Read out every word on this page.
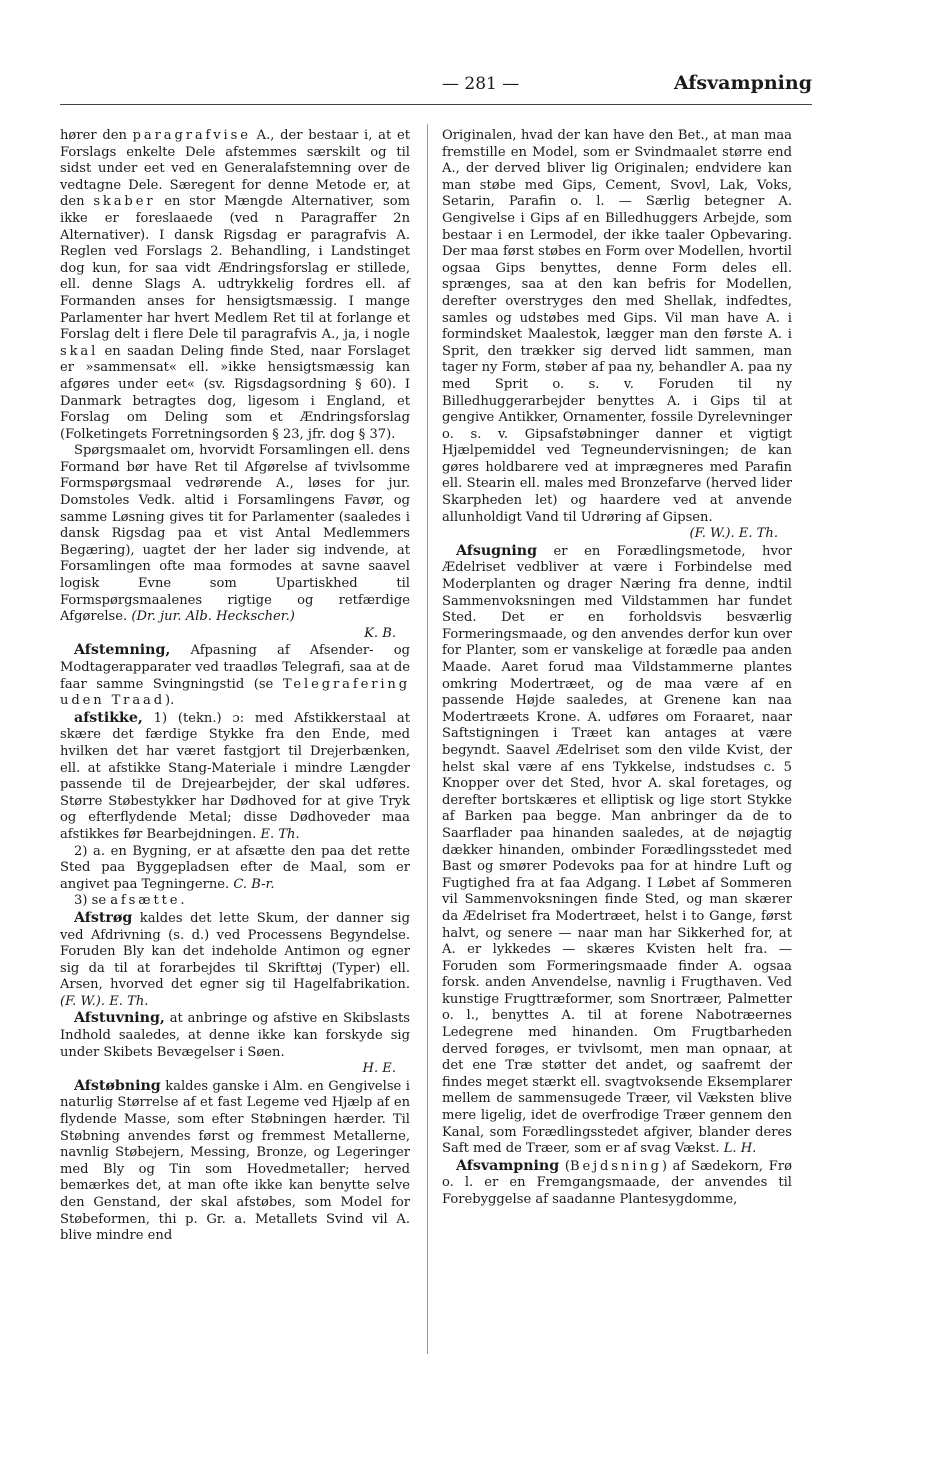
— 281 —	Afsvampning

hører den paragrafvise A., der bestaar i, at et Forslags enkelte Dele afstemmes særskilt og til sidst under eet ved en Generalafstemning over de vedtagne Dele. Særegent for denne Metode er, at den skaber en stor Mængde Alternativer, som ikke er foreslaaede (ved n Paragraffer 2n Alternativer). I dansk Rigsdag er paragrafvis A. Reglen ved Forslags 2. Behandling, i Landstinget dog kun, for saa vidt Ændringsforslag er stillede, ell. denne Slags A. udtrykkelig fordres ell. af Formanden anses for hensigtsmæssig. I mange Parlamenter har hvert Medlem Ret til at forlange et Forslag delt i flere Dele til paragrafvis A., ja, i nogle skal en saadan Deling finde Sted, naar Forslaget er »sammensat« ell. »ikke hensigtsmæssig kan afgøres under eet« (sv. Rigsdagsordning § 60). I Danmark betragtes dog, ligesom i England, et Forslag om Deling som et Ændringsforslag (Folketingets Forretningsorden § 23, jfr. dog § 37).

Spørgsmaalet om, hvorvidt Forsamlingen ell. dens Formand bør have Ret til Afgørelse af tvivlsomme Formspørgsmaal vedrørende A., løses for jur. Domstoles Vedk. altid i Forsamlingens Favør, og samme Løsning gives tit for Parlamenter (saaledes i dansk Rigsdag paa et vist Antal Medlemmers Begæring), uagtet der her lader sig indvende, at Forsamlingen ofte maa formodes at savne saavel logisk Evne som Upartiskhed til Formspørgsmaalenes rigtige og retfærdige Afgørelse. (Dr. jur. Alb. Heckscher.)
K. B.

Afstemning, Afpasning af Afsender- og Modtagerapparater ved traadløs Telegrafi, saa at de faar samme Svingningstid (se Telegrafering uden Traad).

afstikke, 1) (tekn.) ɔ: med Afstikkerstaal at skære det færdige Stykke fra den Ende, med hvilken det har været fastgjort til Drejerbænken, ell. at afstikke Stang-Materiale i mindre Længder passende til de Drejearbejder, der skal udføres. Større Støbestykker har Dødhoved for at give Tryk og efterflydende Metal; disse Dødhoveder maa afstikkes før Bearbejdningen. E. Th.

2) a. en Bygning, er at afsætte den paa det rette Sted paa Byggepladsen efter de Maal, som er angivet paa Tegningerne. C. B-r.

3) se afsætte.

Afstrøg kaldes det lette Skum, der danner sig ved Afdrivning (s. d.) ved Processens Begyndelse. Foruden Bly kan det indeholde Antimon og egner sig da til at forarbejdes til Skrifttøj (Typer) ell. Arsen, hvorved det egner sig til Hagelfabrikation. (F. W.). E. Th.

Afstuvning, at anbringe og afstive en Skibslasts Indhold saaledes, at denne ikke kan forskyde sig under Skibets Bevægelser i Søen.
H. E.

Afstøbning kaldes ganske i Alm. en Gengivelse i naturlig Størrelse af et fast Legeme ved Hjælp af en flydende Masse, som efter Støbningen hærder. Til Støbning anvendes først og fremmest Metallerne, navnlig Støbejern, Messing, Bronze, og Legeringer med Bly og Tin som Hovedmetaller; herved bemærkes det, at man ofte ikke kan benytte selve den Genstand, der skal afstøbes, som Model for Støbeformen, thi p. Gr. a. Metallets Svind vil A. blive mindre end

Originalen, hvad der kan have den Bet., at man maa fremstille en Model, som er Svindmaalet større end A., der derved bliver lig Originalen; endvidere kan man støbe med Gips, Cement, Svovl, Lak, Voks, Setarin, Parafin o. l. — Særlig betegner A. Gengivelse i Gips af en Billedhuggers Arbejde, som bestaar i en Lermodel, der ikke taaler Opbevaring. Der maa først støbes en Form over Modellen, hvortil ogsaa Gips benyttes, denne Form deles ell. sprænges, saa at den kan befris for Modellen, derefter overstryges den med Shellak, indfedtes, samles og udstøbes med Gips. Vil man have A. i formindsket Maalestok, lægger man den første A. i Sprit, den trækker sig derved lidt sammen, man tager ny Form, støber af paa ny, behandler A. paa ny med Sprit o. s. v. Foruden til ny Billedhuggerarbejder benyttes A. i Gips til at gengive Antikker, Ornamenter, fossile Dyrelevninger o. s. v. Gipsafstøbninger danner et vigtigt Hjælpemiddel ved Tegneundervisningen; de kan gøres holdbarere ved at imprægneres med Parafin ell. Stearin ell. males med Bronzefarve (herved lider Skarpheden let) og haardere ved at anvende allunholdigt Vand til Udrøring af Gipsen.
(F. W.). E. Th.

Afsugning er en Forædlingsmetode, hvor Ædelriset vedbliver at være i Forbindelse med Moderplanten og drager Næring fra denne, indtil Sammenvoksningen med Vildstammen har fundet Sted. Det er en forholdsvis besværlig Formeringsmaade, og den anvendes derfor kun over for Planter, som er vanskelige at forædle paa anden Maade. Aaret forud maa Vildstammerne plantes omkring Modertræet, og de maa være af en passende Højde saaledes, at Grenene kan naa Modertræets Krone. A. udføres om Foraaret, naar Saftstigningen i Træet kan antages at være begyndt. Saavel Ædelriset som den vilde Kvist, der helst skal være af ens Tykkelse, indstudses c. 5 Knopper over det Sted, hvor A. skal foretages, og derefter bortskæres et elliptisk og lige stort Stykke af Barken paa begge. Man anbringer da de to Saarflader paa hinanden saaledes, at de nøjagtig dækker hinanden, ombinder Forædlingsstedet med Bast og smører Podevoks paa for at hindre Luft og Fugtighed fra at faa Adgang. I Løbet af Sommeren vil Sammenvoksningen finde Sted, og man skærer da Ædelriset fra Modertræet, helst i to Gange, først halvt, og senere — naar man har Sikkerhed for, at A. er lykkedes — skæres Kvisten helt fra. — Foruden som Formeringsmaade finder A. ogsaa forsk. anden Anvendelse, navnlig i Frugthaven. Ved kunstige Frugttræformer, som Snortræer, Palmetter o. l., benyttes A. til at forene Nabotræernes Ledegrene med hinanden. Om Frugtbarheden derved forøges, er tvivlsomt, men man opnaar, at det ene Træ støtter det andet, og saafremt der findes meget stærkt ell. svagtvoksende Eksemplarer mellem de sammensugede Træer, vil Væksten blive mere ligelig, idet de overfrodige Træer gennem den Kanal, som Forædlingsstedet afgiver, blander deres Saft med de Træer, som er af svag Vækst. L. H.

Afsvampning (Bejdsning) af Sædekorn, Frø o. l. er en Fremgangsmaade, der anvendes til Forebyggelse af saadanne Plantesygdomme,
